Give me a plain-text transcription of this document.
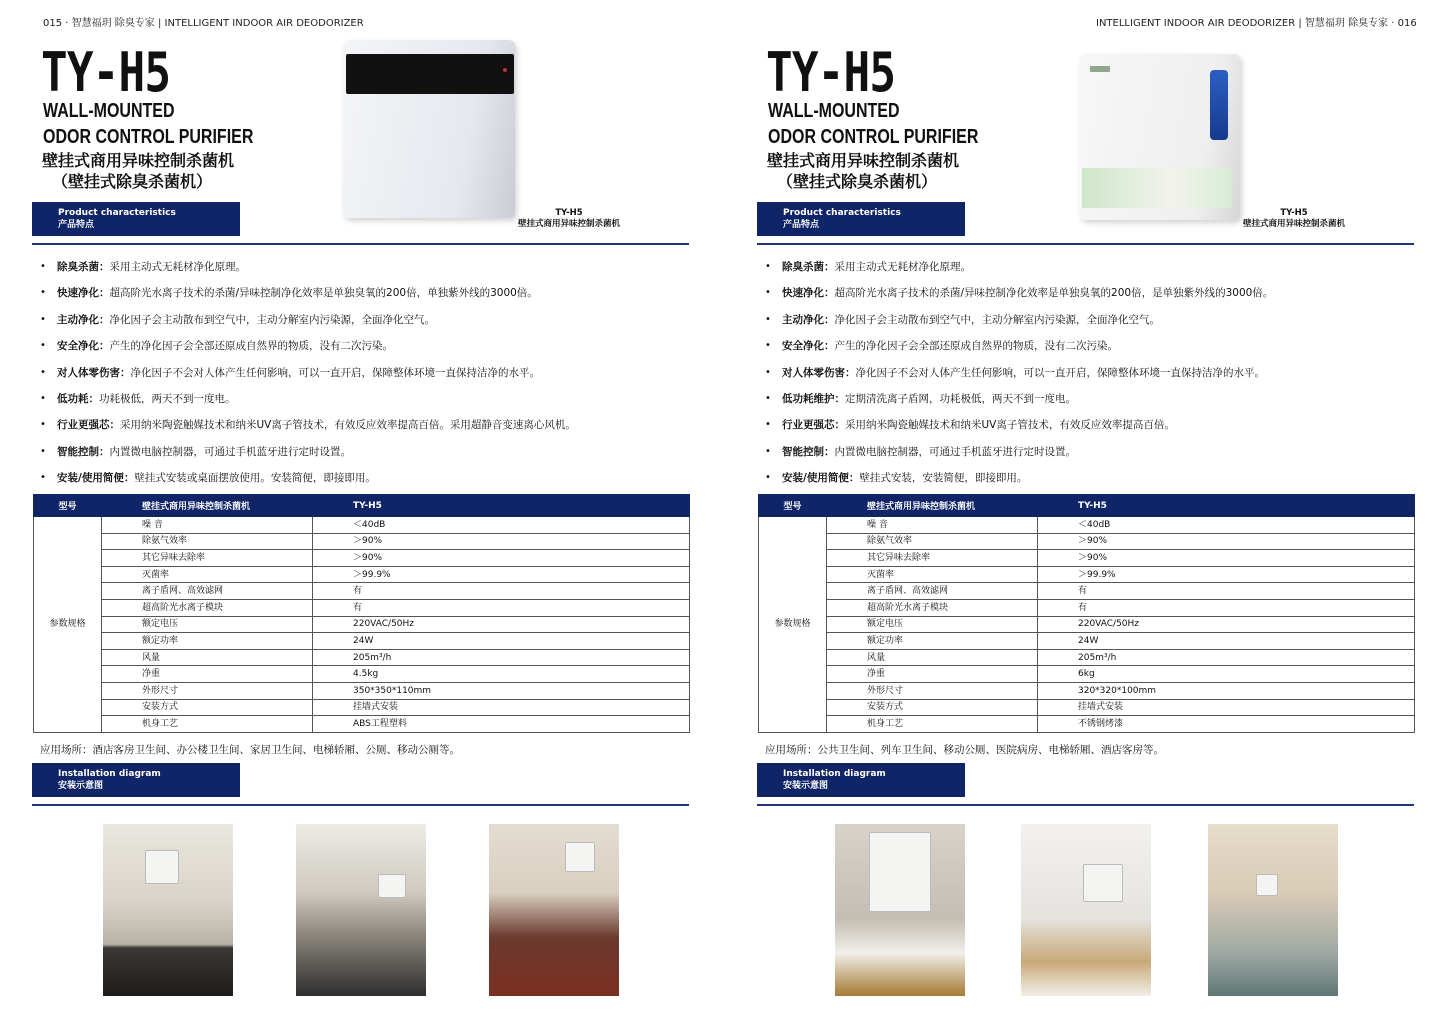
015 · 智慧福玥 除臭专家 | INTELLIGENT INDOOR AIR DEODORIZER
TY-H5
WALL-MOUNTED
ODOR CONTROL PURIFIER
壁挂式商用异味控制杀菌机
（壁挂式除臭杀菌机）
TY-H5
壁挂式商用异味控制杀菌机
Product characteristics
产品特点
• 除臭杀菌：采用主动式无耗材净化原理。
• 快速净化：超高阶光水离子技术的杀菌/异味控制净化效率是单独臭氧的200倍，单独紫外线的3000倍。
• 主动净化：净化因子会主动散布到空气中，主动分解室内污染源，全面净化空气。
• 安全净化：产生的净化因子会全部还原成自然界的物质，没有二次污染。
• 对人体零伤害：净化因子不会对人体产生任何影响，可以一直开启，保障整体环境一直保持洁净的水平。
• 低功耗：功耗极低，两天不到一度电。
• 行业更强芯：采用纳米陶瓷触媒技术和纳米UV离子管技术，有效反应效率提高百倍。采用超静音变速离心风机。
• 智能控制：内置微电脑控制器，可通过手机蓝牙进行定时设置。
• 安装/使用简便：壁挂式安装或桌面摆放使用。安装简便，即接即用。
型号	壁挂式商用异味控制杀菌机	TY-H5
参数规格	噪 音	＜40dB
	除氨气效率	＞90%
	其它异味去除率	＞90%
	灭菌率	＞99.9%
	离子盾网、高效滤网	有
	超高阶光水离子模块	有
	额定电压	220VAC/50Hz
	额定功率	24W
	风量	205m³/h
	净重	4.5kg
	外形尺寸	350*350*110mm
	安装方式	挂墙式安装
	机身工艺	ABS工程塑料
应用场所：酒店客房卫生间、办公楼卫生间、家居卫生间、电梯轿厢、公厕、移动公厕等。
Installation diagram
安装示意图
INTELLIGENT INDOOR AIR DEODORIZER | 智慧福玥 除臭专家 · 016
TY-H5
WALL-MOUNTED
ODOR CONTROL PURIFIER
壁挂式商用异味控制杀菌机
（壁挂式除臭杀菌机）
TY-H5
壁挂式商用异味控制杀菌机
Product characteristics
产品特点
• 除臭杀菌：采用主动式无耗材净化原理。
• 快速净化：超高阶光水离子技术的杀菌/异味控制净化效率是单独臭氧的200倍，是单独紫外线的3000倍。
• 主动净化：净化因子会主动散布到空气中，主动分解室内污染源，全面净化空气。
• 安全净化：产生的净化因子会全部还原成自然界的物质，没有二次污染。
• 对人体零伤害：净化因子不会对人体产生任何影响，可以一直开启，保障整体环境一直保持洁净的水平。
• 低功耗维护：定期清洗离子盾网，功耗极低，两天不到一度电。
• 行业更强芯：采用纳米陶瓷触媒技术和纳米UV离子管技术，有效反应效率提高百倍。
• 智能控制：内置微电脑控制器，可通过手机蓝牙进行定时设置。
• 安装/使用简便：壁挂式安装，安装简便，即接即用。
型号	壁挂式商用异味控制杀菌机	TY-H5
参数规格	噪 音	＜40dB
	除氨气效率	＞90%
	其它异味去除率	＞90%
	灭菌率	＞99.9%
	离子盾网、高效滤网	有
	超高阶光水离子模块	有
	额定电压	220VAC/50Hz
	额定功率	24W
	风量	205m³/h
	净重	6kg
	外形尺寸	320*320*100mm
	安装方式	挂墙式安装
	机身工艺	不锈钢烤漆
应用场所：公共卫生间、列车卫生间、移动公厕、医院病房、电梯轿厢、酒店客房等。
Installation diagram
安装示意图
